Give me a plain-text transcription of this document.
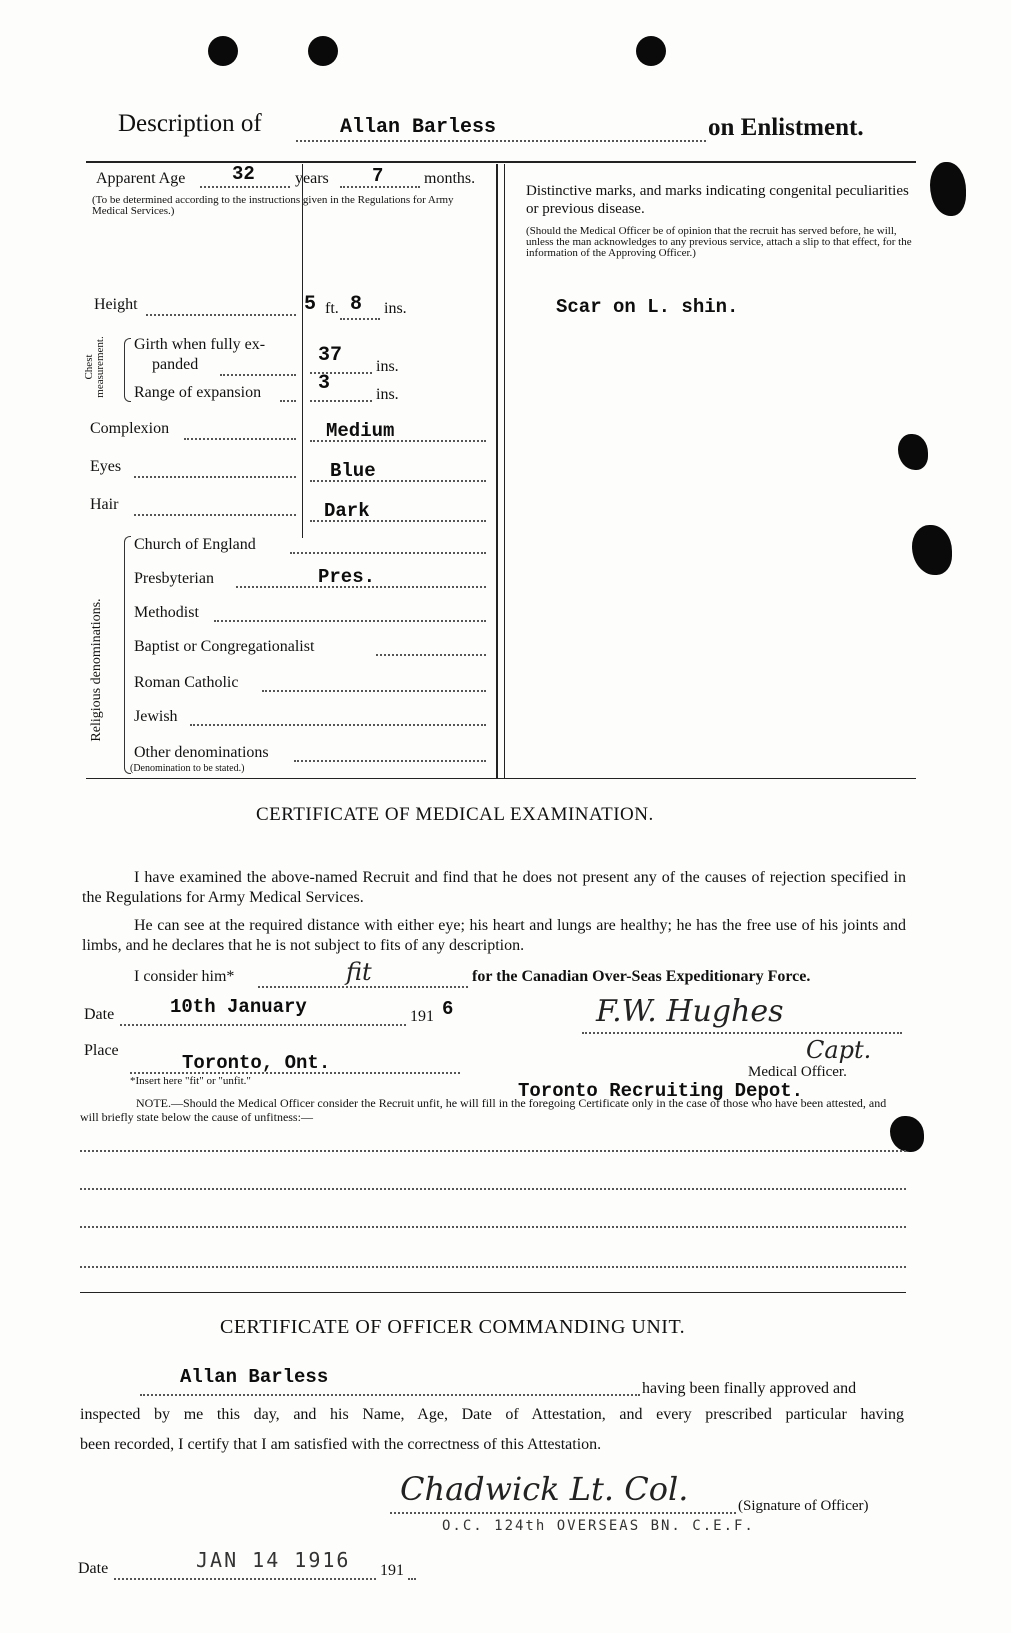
Description of	Allan Barless	on Enlistment.
Apparent Age 32	years 7	months.
(To be determined according to the instructions given in the Regulations for Army Medical Services.)
Distinctive marks, and marks indicating congenital peculiarities or previous disease.
(Should the Medical Officer be of opinion that the recruit has served before, he will, unless the man acknowledges to any previous service, attach a slip to that effect, for the information of the Approving Officer.)
Scar on L. shin.
Height	5 ft. 8 ins.
Chest measurement. Girth when fully ex-
panded	37 ins.
Range of expansion	3	ins.
Complexion	Medium
Eyes	Blue
Hair	Dark
Religious denominations.
Church of England
Presbyterian	Pres.
Methodist
Baptist or Congregationalist
Roman Catholic
Jewish
Other denominations
(Denomination to be stated.)
CERTIFICATE OF MEDICAL EXAMINATION.
I have examined the above-named Recruit and find that he does not present any of the causes of rejection specified in the Regulations for Army Medical Services.
He can see at the required distance with either eye; his heart and lungs are healthy; he has the free use of his joints and limbs, and he declares that he is not subject to fits of any description.
I consider him*	fit	for the Canadian Over-Seas Expeditionary Force.
Date	10th January	191 6	F.W. Hughes
Place
Toronto, Ont.
*Insert here "fit" or "unfit."
Capt.
Medical Officer.
Toronto Recruiting Depot.
NOTE.—Should the Medical Officer consider the Recruit unfit, he will fill in the foregoing Certificate only in the case of those who have been attested, and will briefly state below the cause of unfitness:—
CERTIFICATE OF OFFICER COMMANDING UNIT.
Allan Barless
having been finally approved and
inspected by me this day, and his Name, Age, Date of Attestation, and every prescribed particular having
been recorded, I certify that I am satisfied with the correctness of this Attestation.
Chadwick Lt. Col.	(Signature of Officer)
O.C. 124th OVERSEAS BN. C.E.F.
Date	JAN 14 1916 191
